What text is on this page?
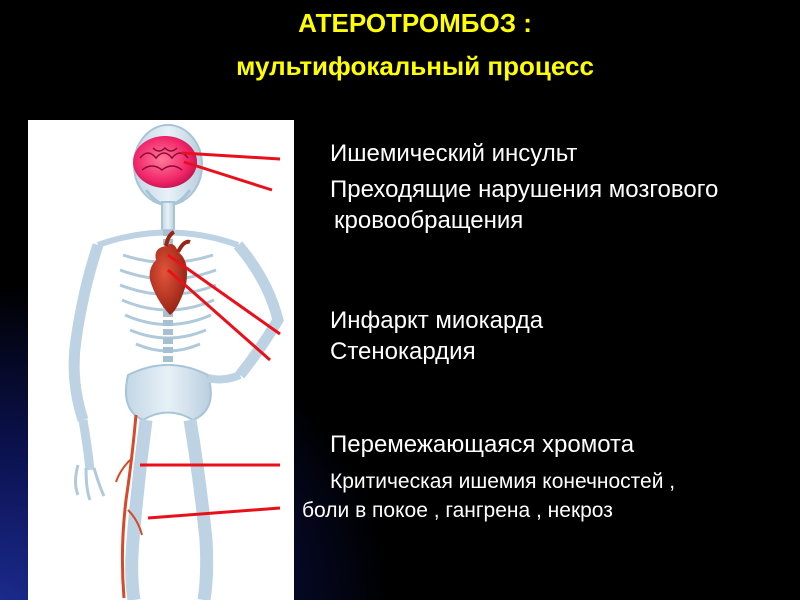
АТЕРОТРОМБОЗ :
мультифокальный процесс
Ишемический инсульт
Преходящие нарушения мозгового
кровообращения
Инфаркт миокарда
Стенокардия
Перемежающаяся хромота
Критическая ишемия конечностей ,
боли в покое , гангрена , некроз
